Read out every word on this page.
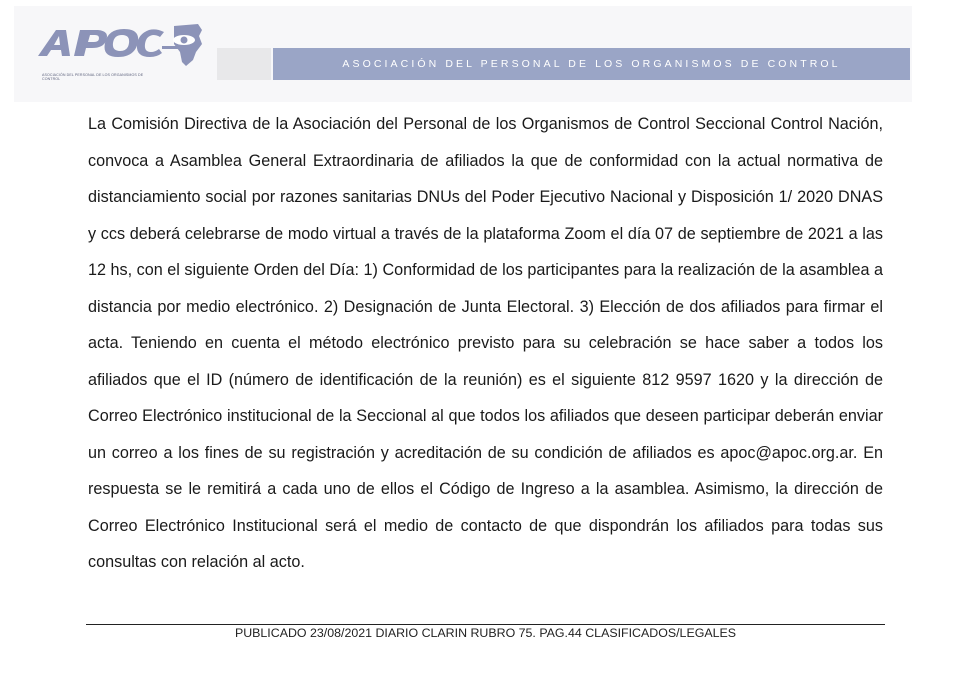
ASOCIACIÓN DEL PERSONAL DE LOS ORGANISMOS DE CONTROL
ASOCIACIÓN DEL PERSONAL DE LOS ORGANISMOS DE CONTROL
La Comisión Directiva de la Asociación del Personal de los Organismos de Control Seccional Control Nación, convoca a Asamblea General Extraordinaria de afiliados la que de conformidad con la actual normativa de distanciamiento social por razones sanitarias DNUs del Poder Ejecutivo Nacional y Disposición 1/ 2020 DNAS y ccs deberá celebrarse de modo virtual a través de la plataforma Zoom el día 07 de septiembre de 2021 a las 12 hs, con el siguiente Orden del Día: 1) Conformidad de los participantes para la realización de la asamblea a distancia por medio electrónico. 2) Designación de Junta Electoral. 3) Elección de dos afiliados para firmar el acta. Teniendo en cuenta el método electrónico previsto para su celebración se hace saber a todos los afiliados que el ID (número de identificación de la reunión) es el siguiente 812 9597 1620 y la dirección de Correo Electrónico institucional de la Seccional al que todos los afiliados que deseen participar deberán enviar un correo a los fines de su registración y acreditación de su condición de afiliados es apoc@apoc.org.ar. En respuesta se le remitirá a cada uno de ellos el Código de Ingreso a la asamblea. Asimismo, la dirección de Correo Electrónico Institucional será el medio de contacto de que dispondrán los afiliados para todas sus consultas con relación al acto.
PUBLICADO 23/08/2021 DIARIO CLARIN RUBRO 75. PAG.44 CLASIFICADOS/LEGALES
